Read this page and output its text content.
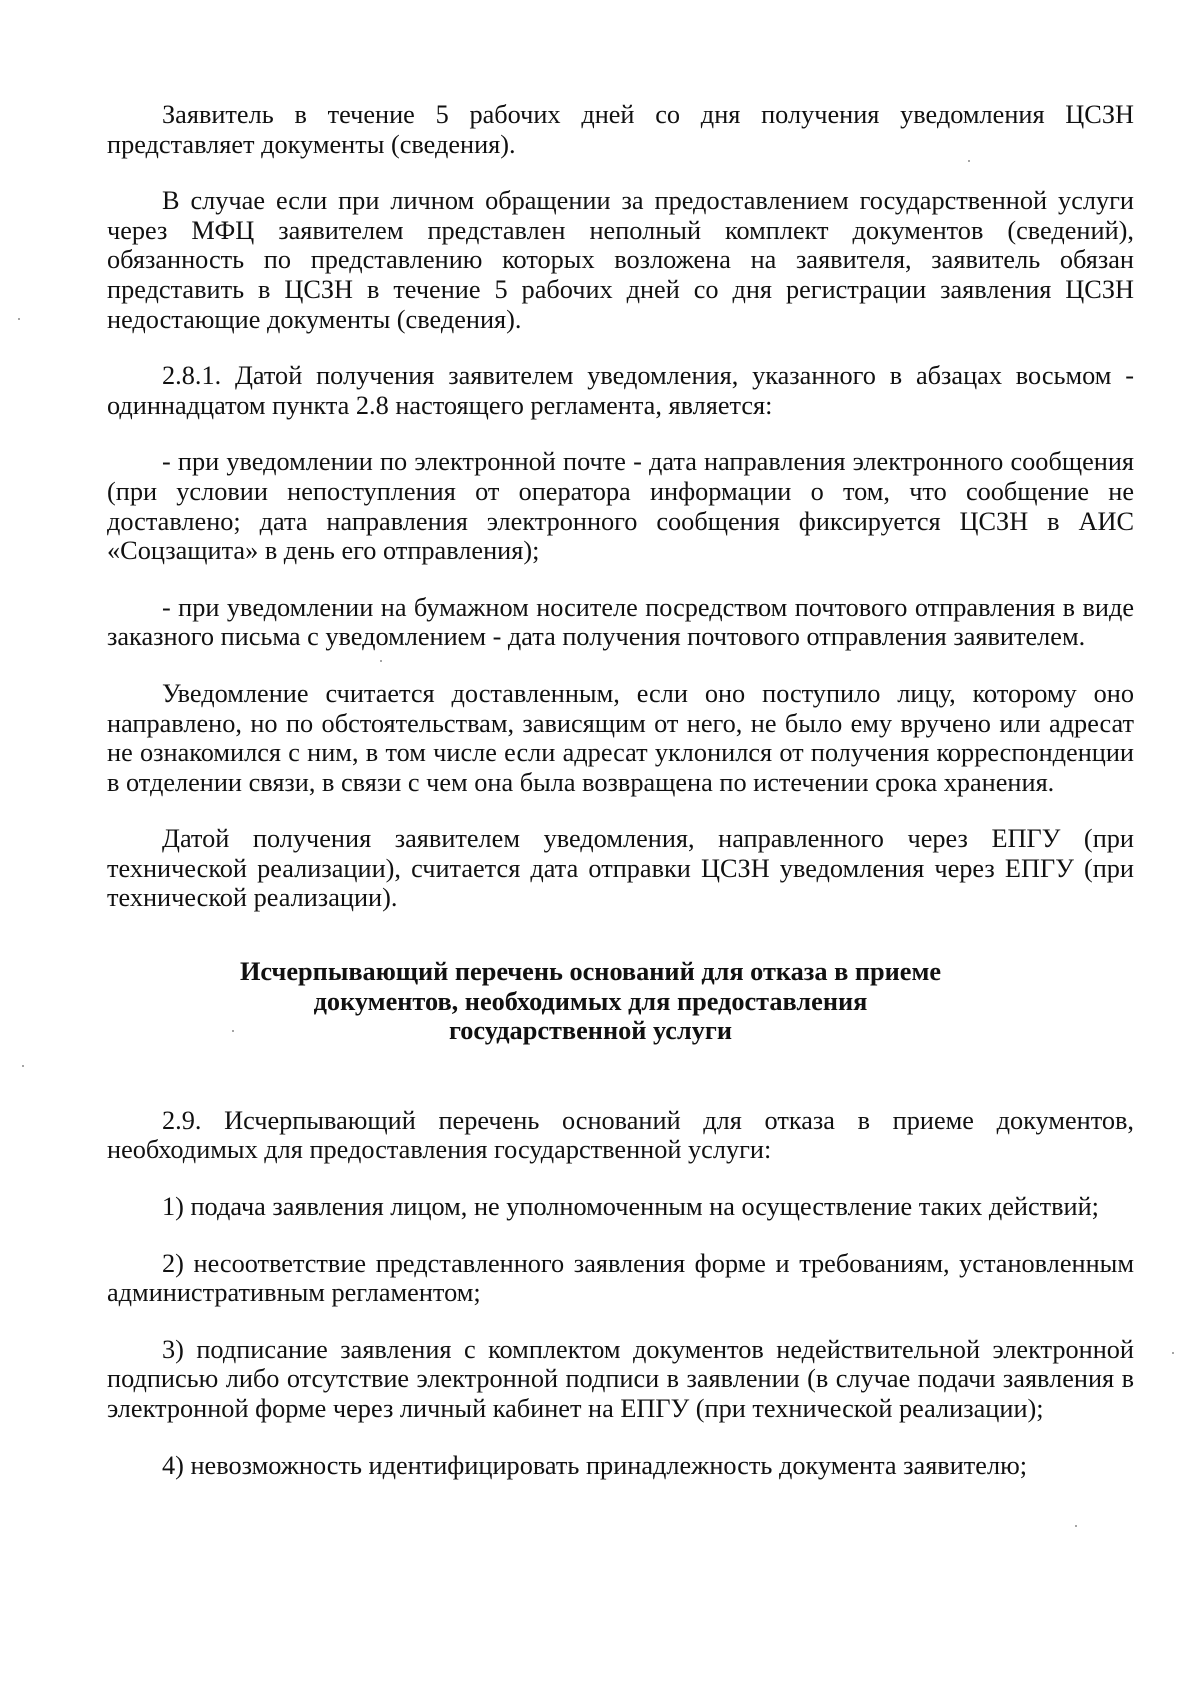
Заявитель в течение 5 рабочих дней со дня получения уведомления ЦСЗН представляет документы (сведения).

В случае если при личном обращении за предоставлением государственной услуги через МФЦ заявителем представлен неполный комплект документов (сведений), обязанность по представлению которых возложена на заявителя, заявитель обязан представить в ЦСЗН в течение 5 рабочих дней со дня регистрации заявления ЦСЗН недостающие документы (сведения).

2.8.1. Датой получения заявителем уведомления, указанного в абзацах восьмом - одиннадцатом пункта 2.8 настоящего регламента, является:

- при уведомлении по электронной почте - дата направления электронного сообщения (при условии непоступления от оператора информации о том, что сообщение не доставлено; дата направления электронного сообщения фиксируется ЦСЗН в АИС «Соцзащита» в день его отправления);

- при уведомлении на бумажном носителе посредством почтового отправления в виде заказного письма с уведомлением - дата получения почтового отправления заявителем.

Уведомление считается доставленным, если оно поступило лицу, которому оно направлено, но по обстоятельствам, зависящим от него, не было ему вручено или адресат не ознакомился с ним, в том числе если адресат уклонился от получения корреспонденции в отделении связи, в связи с чем она была возвращена по истечении срока хранения.

Датой получения заявителем уведомления, направленного через ЕПГУ (при технической реализации), считается дата отправки ЦСЗН уведомления через ЕПГУ (при технической реализации).

Исчерпывающий перечень оснований для отказа в приеме
документов, необходимых для предоставления
государственной услуги

2.9. Исчерпывающий перечень оснований для отказа в приеме документов, необходимых для предоставления государственной услуги:

1) подача заявления лицом, не уполномоченным на осуществление таких действий;

2) несоответствие представленного заявления форме и требованиям, установленным административным регламентом;

3) подписание заявления с комплектом документов недействительной электронной подписью либо отсутствие электронной подписи в заявлении (в случае подачи заявления в электронной форме через личный кабинет на ЕПГУ (при технической реализации);

4) невозможность идентифицировать принадлежность документа заявителю;
